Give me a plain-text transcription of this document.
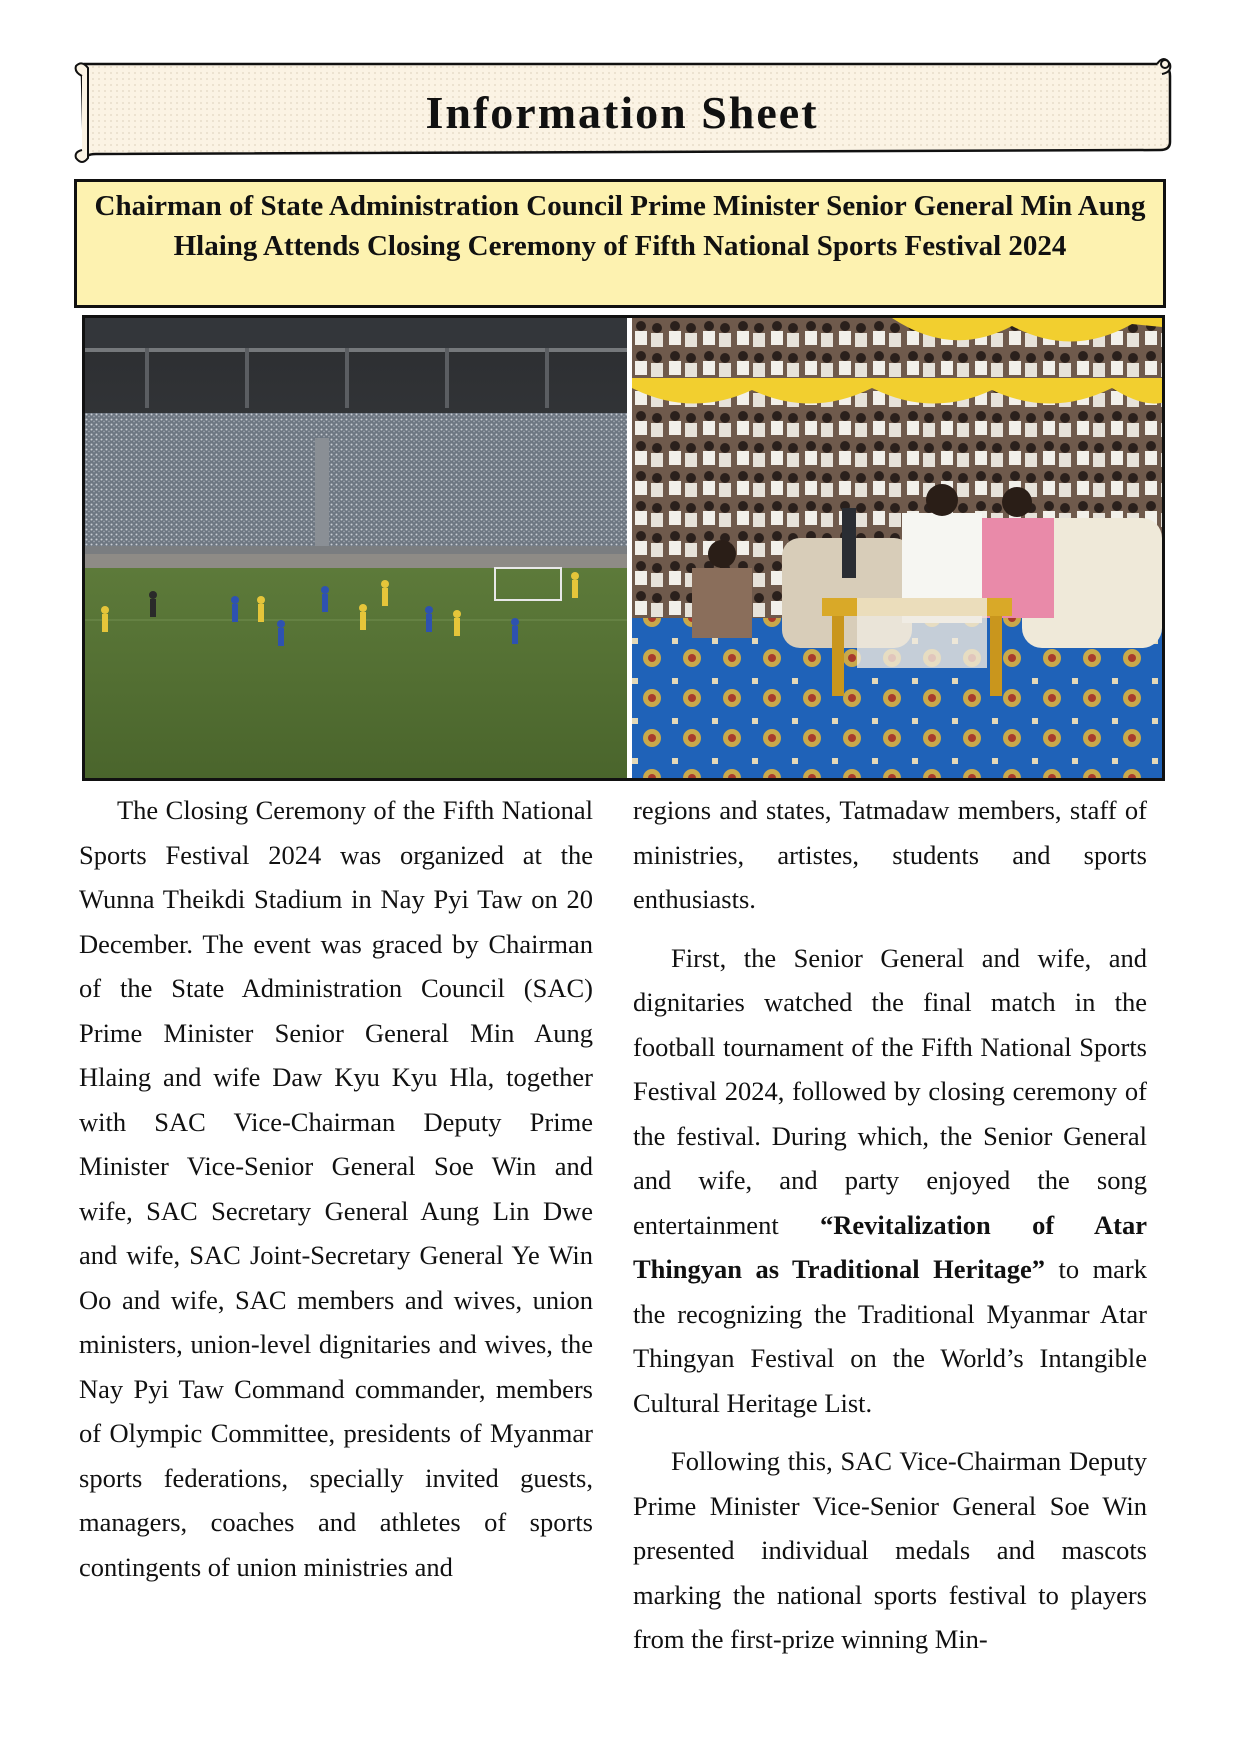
Information Sheet
Chairman of State Administration Council Prime Minister Senior General Min Aung Hlaing Attends Closing Ceremony of Fifth National Sports Festival 2024

The Closing Ceremony of the Fifth National Sports Festival 2024 was organized at the Wunna Theikdi Stadium in Nay Pyi Taw on 20 December. The event was graced by Chairman of the State Administration Council (SAC) Prime Minister Senior General Min Aung Hlaing and wife Daw Kyu Kyu Hla, together with SAC Vice-Chairman Deputy Prime Minister Vice-Senior General Soe Win and wife, SAC Secretary General Aung Lin Dwe and wife, SAC Joint-Secretary General Ye Win Oo and wife, SAC members and wives, union ministers, union-level dignitaries and wives, the Nay Pyi Taw Command commander, members of Olympic Committee, presidents of Myanmar sports federations, specially invited guests, managers, coaches and athletes of sports contingents of union ministries and

regions and states, Tatmadaw members, staff of ministries, artistes, students and sports enthusiasts.

First, the Senior General and wife, and dignitaries watched the final match in the football tournament of the Fifth National Sports Festival 2024, followed by closing ceremony of the festival. During which, the Senior General and wife, and party enjoyed the song entertainment “Revitalization of Atar Thingyan as Traditional Heritage” to mark the recognizing the Traditional Myanmar Atar Thingyan Festival on the World’s Intangible Cultural Heritage List.

Following this, SAC Vice-Chairman Deputy Prime Minister Vice-Senior General Soe Win presented individual medals and mascots marking the national sports festival to players from the first-prize winning Min-
